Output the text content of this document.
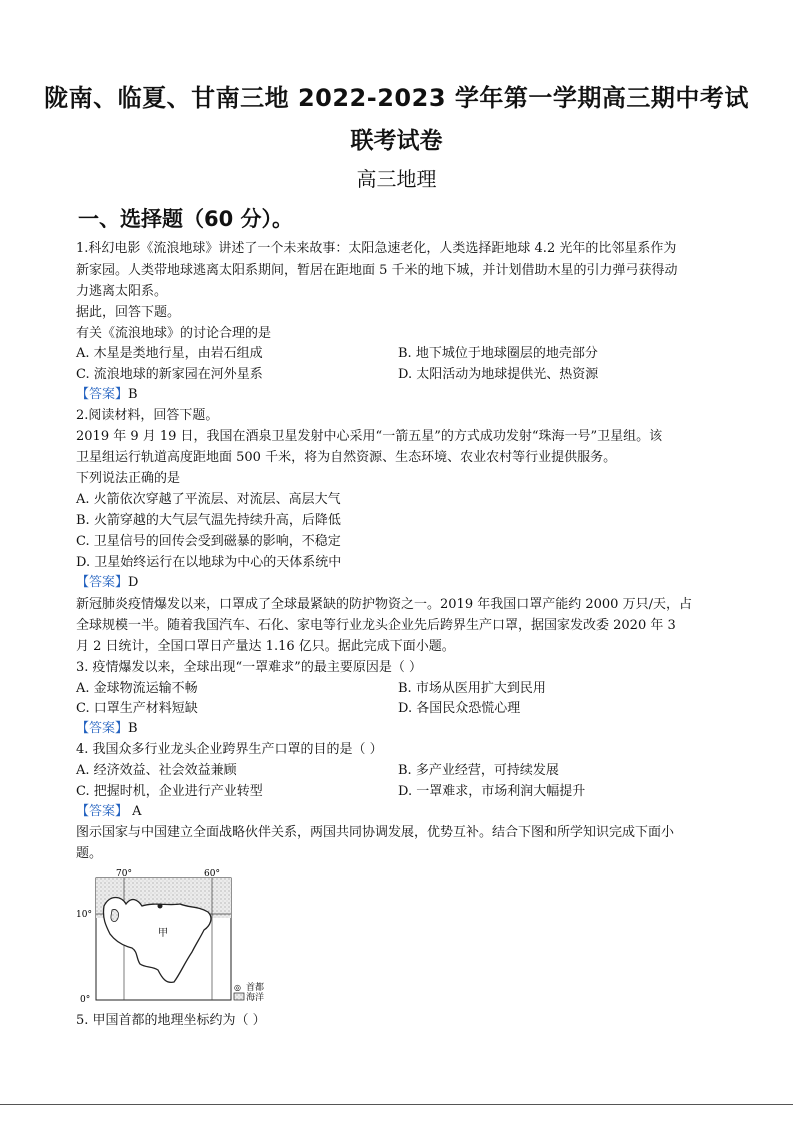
陇南、临夏、甘南三地 2022-2023 学年第一学期高三期中考试
联考试卷
高三地理
一、选择题（60 分）。
1.科幻电影《流浪地球》讲述了一个未来故事：太阳急速老化，人类选择距地球 4.2 光年的比邻星系作为
新家园。人类带地球逃离太阳系期间，暂居在距地面 5 千米的地下城，并计划借助木星的引力弹弓获得动
力逃离太阳系。
据此，回答下题。
有关《流浪地球》的讨论合理的是
A. 木星是类地行星，由岩石组成	B. 地下城位于地球圈层的地壳部分
C. 流浪地球的新家园在河外星系	D. 太阳活动为地球提供光、热资源
【答案】B
2.阅读材料，回答下题。
2019 年 9 月 19 日，我国在酒泉卫星发射中心采用“一箭五星”的方式成功发射“珠海一号”卫星组。该
卫星组运行轨道高度距地面 500 千米，将为自然资源、生态环境、农业农村等行业提供服务。
下列说法正确的是
A. 火箭依次穿越了平流层、对流层、高层大气
B. 火箭穿越的大气层气温先持续升高，后降低
C. 卫星信号的回传会受到磁暴的影响，不稳定
D. 卫星始终运行在以地球为中心的天体系统中
【答案】D
新冠肺炎疫情爆发以来，口罩成了全球最紧缺的防护物资之一。2019 年我国口罩产能约 2000 万只/天，占
全球规模一半。随着我国汽车、石化、家电等行业龙头企业先后跨界生产口罩，据国家发改委 2020 年 3
月 2 日统计，全国口罩日产量达 1.16 亿只。据此完成下面小题。
3. 疫情爆发以来，全球出现“一罩难求”的最主要原因是（ ）
A. 金球物流运输不畅	B. 市场从医用扩大到民用
C. 口罩生产材料短缺	D. 各国民众恐慌心理
【答案】B
4. 我国众多行业龙头企业跨界生产口罩的目的是（ ）
A. 经济效益、社会效益兼顾	B. 多产业经营，可持续发展
C. 把握时机，企业进行产业转型	D. 一罩难求，市场利润大幅提升
【答案】 A
图示国家与中国建立全面战略伙伴关系，两国共同协调发展，优势互补。结合下图和所学知识完成下面小
题。
70°	60°
10°
0°
甲
◎ 首都
海洋
5. 甲国首都的地理坐标约为（ ）
